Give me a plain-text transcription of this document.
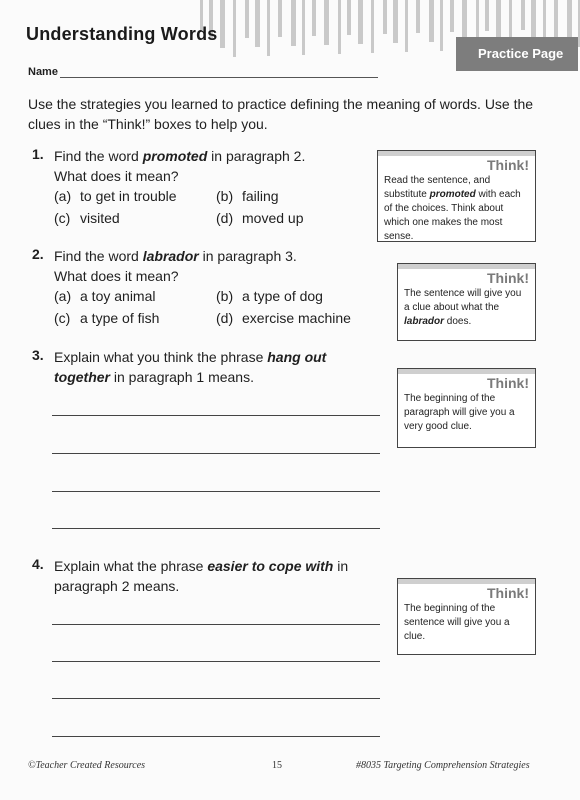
Understanding Words
Practice Page
Name
Use the strategies you learned to practice defining the meaning of words. Use the clues in the “Think!” boxes to help you.
1. Find the word promoted in paragraph 2.
What does it mean?
(a) to get in trouble	(b) failing
(c) visited	(d) moved up
2. Find the word labrador in paragraph 3.
What does it mean?
(a) a toy animal	(b) a type of dog
(c) a type of fish	(d) exercise machine
3. Explain what you think the phrase hang out
together in paragraph 1 means.
4. Explain what the phrase easier to cope with in
paragraph 2 means.
Think!
Read the sentence, and substitute promoted with each of the choices. Think about which one makes the most sense.
Think!
The sentence will give you a clue about what the labrador does.
Think!
The beginning of the paragraph will give you a very good clue.
Think!
The beginning of the sentence will give you a clue.
©Teacher Created Resources	15	#8035 Targeting Comprehension Strategies
